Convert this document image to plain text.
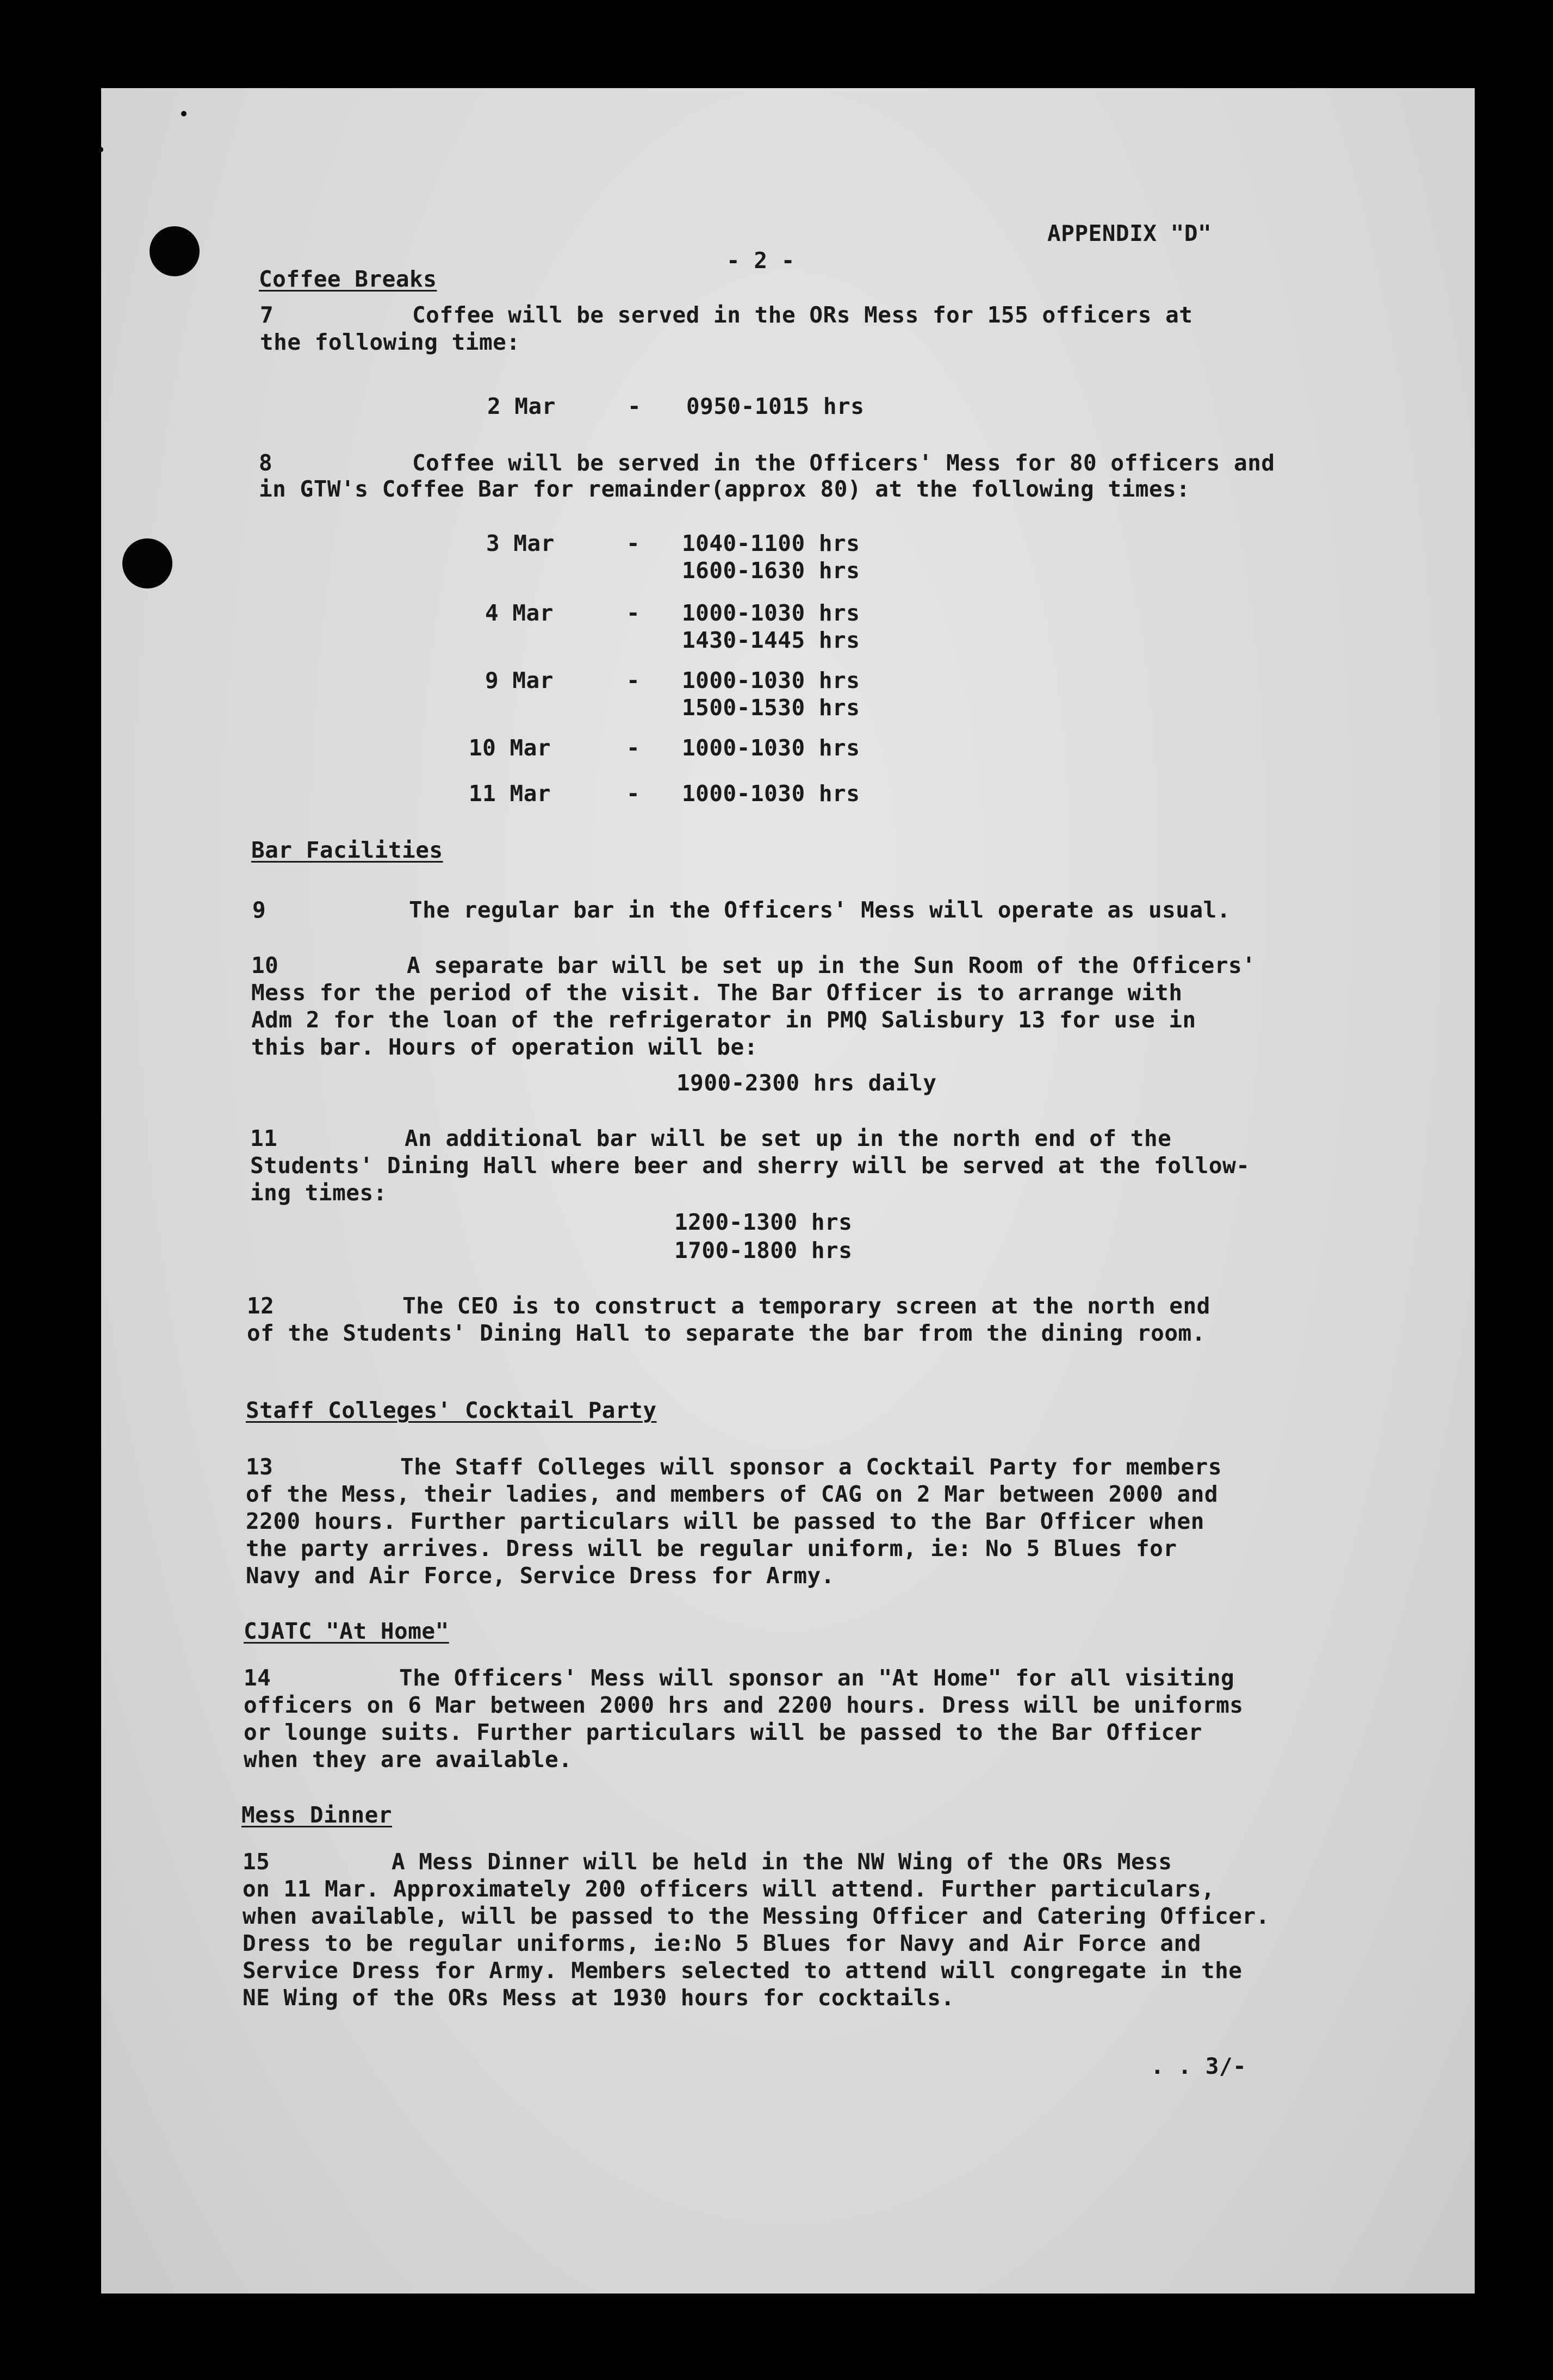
APPENDIX "D"

- 2 -

Coffee Breaks

7	Coffee will be served in the ORs Mess for 155 officers at

the following time:

2 Mar	- 0950-1015 hrs

8	Coffee will be served in the Officers' Mess for 80 officers and

in GTW's Coffee Bar for remainder(approx 80) at the following times:

3 Mar	- 1040-1100 hrs

1600-1630 hrs

4 Mar	- 1000-1030 hrs

1430-1445 hrs

9 Mar	- 1000-1030 hrs

1500-1530 hrs

10 Mar	- 1000-1030 hrs

11 Mar	- 1000-1030 hrs

Bar Facilities

9	The regular bar in the Officers' Mess will operate as usual.

10	A separate bar will be set up in the Sun Room of the Officers'

Mess for the period of the visit. The Bar Officer is to arrange with

Adm 2 for the loan of the refrigerator in PMQ Salisbury 13 for use in

this bar. Hours of operation will be:

1900-2300 hrs daily

11	An additional bar will be set up in the north end of the

Students' Dining Hall where beer and sherry will be served at the follow-

ing times:

1200-1300 hrs

1700-1800 hrs

12	The CEO is to construct a temporary screen at the north end

of the Students' Dining Hall to separate the bar from the dining room.

Staff Colleges' Cocktail Party

13	The Staff Colleges will sponsor a Cocktail Party for members

of the Mess, their ladies, and members of CAG on 2 Mar between 2000 and

2200 hours. Further particulars will be passed to the Bar Officer when

the party arrives. Dress will be regular uniform, ie: No 5 Blues for

Navy and Air Force, Service Dress for Army.

CJATC "At Home"

14	The Officers' Mess will sponsor an "At Home" for all visiting

officers on 6 Mar between 2000 hrs and 2200 hours. Dress will be uniforms

or lounge suits. Further particulars will be passed to the Bar Officer

when they are available.

Mess Dinner

15	A Mess Dinner will be held in the NW Wing of the ORs Mess

on 11 Mar. Approximately 200 officers will attend. Further particulars,

when available, will be passed to the Messing Officer and Catering Officer.

Dress to be regular uniforms, ie:No 5 Blues for Navy and Air Force and

Service Dress for Army. Members selected to attend will congregate in the

NE Wing of the ORs Mess at 1930 hours for cocktails.

. . 3/-
